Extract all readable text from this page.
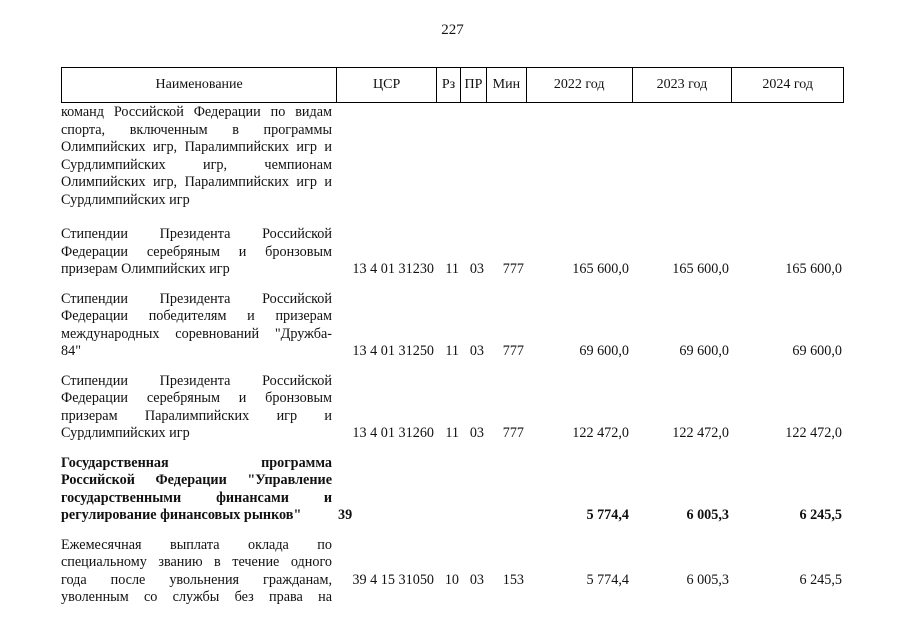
227
Наименование	ЦСР	Рз ПР Мин	2022 год	2023 год	2024 год
команд Российской Федерации по видам
спорта, включенным в программы
Олимпийских игр, Паралимпийских игр и
Сурдлимпийских игр, чемпионам
Олимпийских игр, Паралимпийских игр и
Сурдлимпийских игр
Стипендии Президента Российской
Федерации серебряным и бронзовым
призерам Олимпийских игр	13 4 01 31230 11 03	777	165 600,0	165 600,0	165 600,0
Стипендии Президента Российской
Федерации победителям и призерам
международных соревнований "Дружба-
84"	13 4 01 31250 11 03	777	69 600,0	69 600,0	69 600,0
Стипендии Президента Российской
Федерации серебряным и бронзовым
призерам Паралимпийских игр и
Сурдлимпийских игр	13 4 01 31260 11 03	777	122 472,0	122 472,0	122 472,0
Государственная программа
Российской Федерации "Управление
государственными финансами и
регулирование финансовых рынков"	39	5 774,4	6 005,3	6 245,5
Ежемесячная выплата оклада по
специальному званию в течение одного
года после увольнения гражданам,
уволенным со службы без права на
39 4 15 31050 10 03	153	5 774,4	6 005,3	6 245,5
